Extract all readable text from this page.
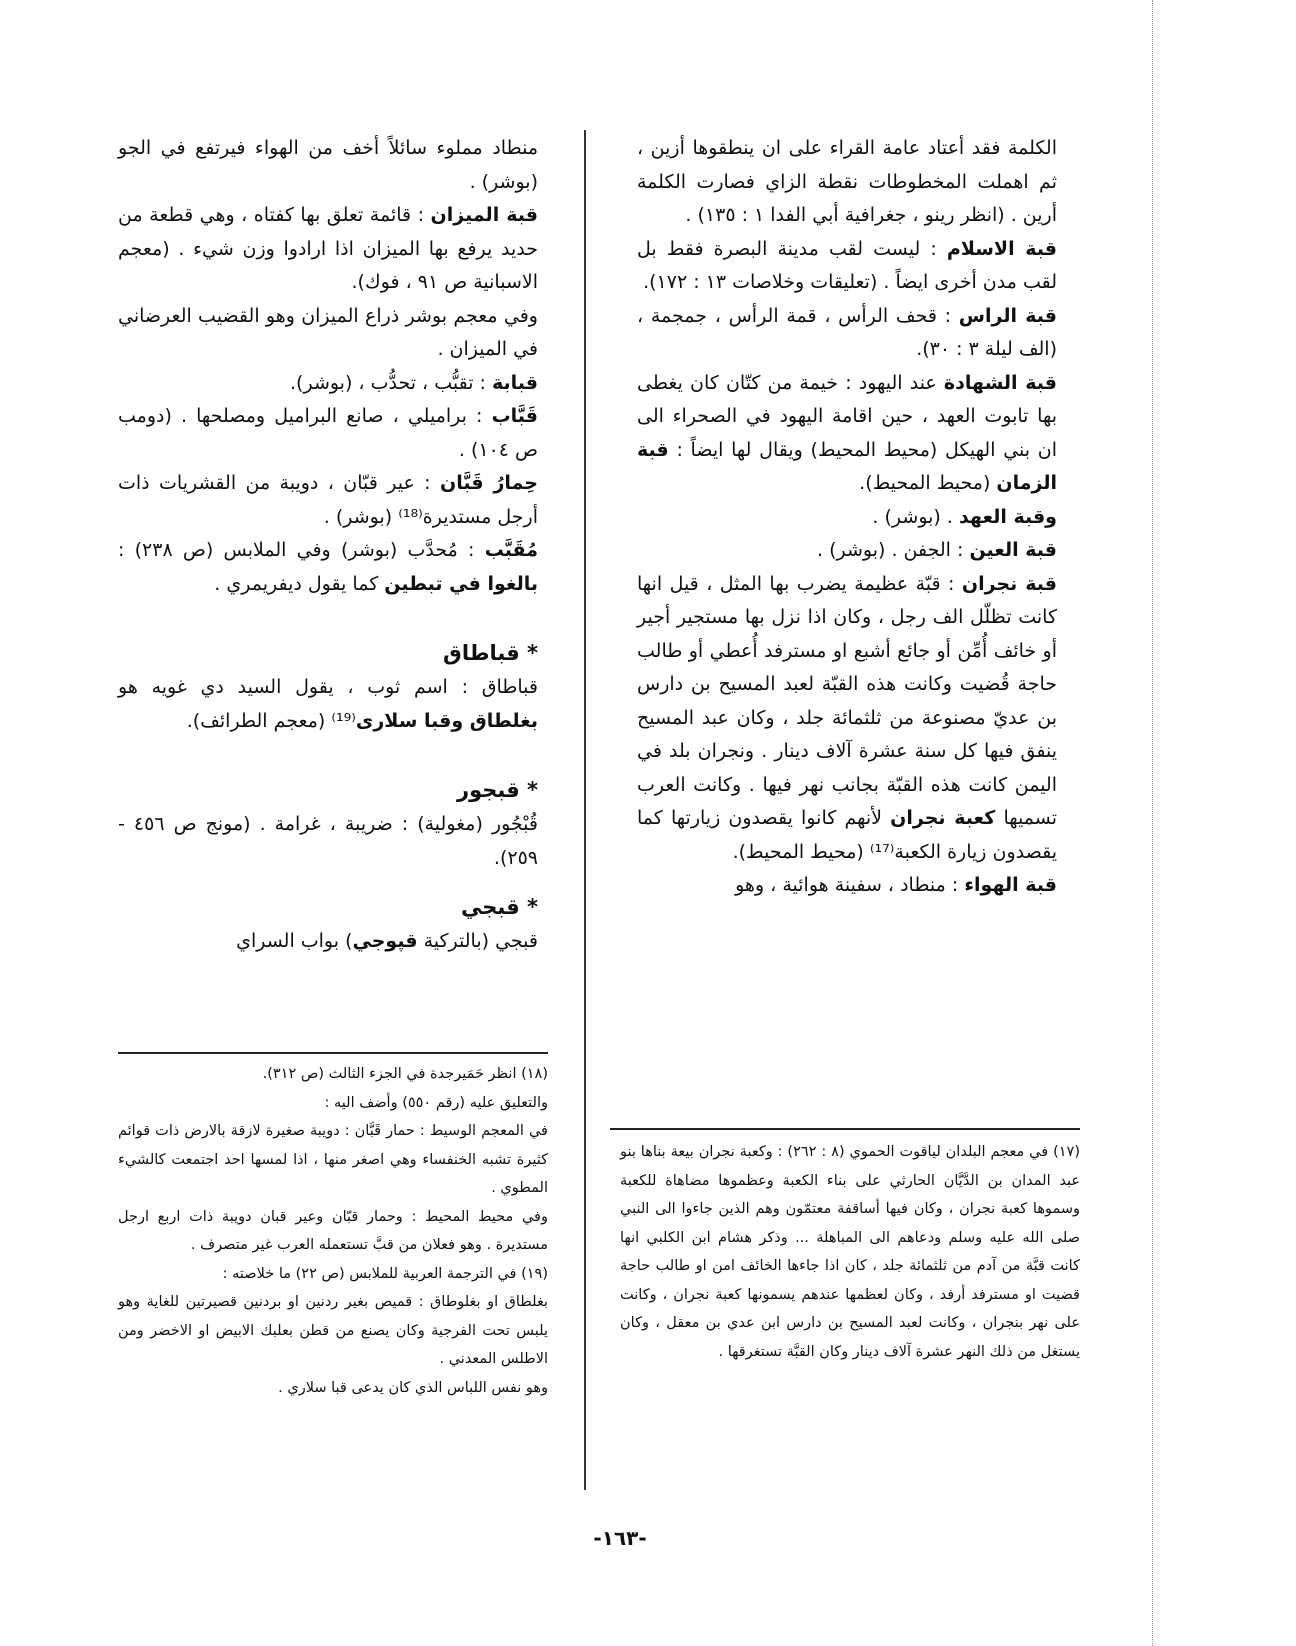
الكلمة فقد أعتاد عامة القراء على ان ينطقوها أزين ، ثم اهملت المخطوطات نقطة الزاي فصارت الكلمة أرين . (انظر رينو ، جغرافية أبي الفدا ١ : ١٣٥) .

قبة الاسلام : ليست لقب مدينة البصرة فقط بل لقب مدن أخرى ايضاً . (تعليقات وخلاصات ١٣ : ١٧٢).

قبة الراس : قحف الرأس ، قمة الرأس ، جمجمة ، (الف ليلة ٣ : ٣٠).

قبة الشهادة عند اليهود : خيمة من كتّان كان يغطى بها تابوت العهد ، حين اقامة اليهود في الصحراء الى ان بني الهيكل (محيط المحيط) ويقال لها ايضاً : قبة الزمان (محيط المحيط).

وقبة العهد . (بوشر) .

قبة العين : الجفن . (بوشر) .

قبة نجران : قبّة عظيمة يضرب بها المثل ، قيل انها كانت تظلّل الف رجل ، وكان اذا نزل بها مستجير أجير أو خائف أُمِّن أو جائع أشبع او مسترفد أُعطي أو طالب حاجة قُضيت وكانت هذه القبّة لعبد المسيح بن دارس بن عديّ مصنوعة من ثلثمائة جلد ، وكان عبد المسيح ينفق فيها كل سنة عشرة آلاف دينار . ونجران بلد في اليمن كانت هذه القبّة بجانب نهر فيها . وكانت العرب تسميها كعبة نجران لأنهم كانوا يقصدون زيارتها كما يقصدون زيارة الكعبة⁽¹⁷⁾ (محيط المحيط).

قبة الهواء : منطاد ، سفينة هوائية ، وهو

منطاد مملوء سائلاً أخف من الهواء فيرتفع في الجو (بوشر) .

قبة الميزان : قائمة تعلق بها كفتاه ، وهي قطعة من حديد يرفع بها الميزان اذا ارادوا وزن شيء . (معجم الاسبانية ص ٩١ ، فوك).

وفي معجم بوشر ذراع الميزان وهو القضيب العرضاني في الميزان .

قبابة : تقبُّب ، تحدُّب ، (بوشر).

قَبَّاب : براميلي ، صانع البراميل ومصلحها . (دومب ص ١٠٤) .

حِمارُ قَبَّان : عير قبّان ، دويبة من القشريات ذات أرجل مستديرة⁽¹⁸⁾ (بوشر) .

مُقَبَّب : مُحدَّب (بوشر) وفي الملابس (ص ٢٣٨) : بالغوا في تبطين كما يقول ديفريمري .

* قباطاق

قباطاق : اسم ثوب ، يقول السيد دي غويه هو بغلطاق وقبا سلارى⁽¹⁹⁾ (معجم الطرائف).

* قبجور

قُبْجُور (مغولية) : ضريبة ، غرامة . (مونج ص ٤٥٦ - ٢٥٩).

* قبجي

قبجي (بالتركية قپوجي) بواب السراي

(١٨) انظر حَمَيرجدة في الجزء الثالث (ص ٣١٢).

والتعليق عليه (رقم ٥٥٠) وأضف اليه :

في المعجم الوسيط : حمار قَبَّان : دويبة صغيرة لازقة بالارض ذات قوائم كثيرة تشبه الخنفساء وهي اصغر منها ، اذا لمسها احد اجتمعت كالشيء المطوي .

وفي محيط المحيط : وحمار قبّان وعير قبان دويبة ذات اربع ارجل مستديرة . وهو فعلان من قبَّ تستعمله العرب غير متصرف .

(١٩) في الترجمة العربية للملابس (ص ٢٢) ما خلاصته :

بغلطاق او بغلوطاق : قميص بغير ردنين او بردنين قصيرتين للغاية وهو يلبس تحت الفرجية وكان يصنع من قطن بعلبك الابيض او الاخضر ومن الاطلس المعدني .

وهو نفس اللباس الذي كان يدعى قبا سلاري .

(١٧) في معجم البلدان لياقوت الحموي (٨ : ٢٦٢) : وكعبة نجران بيعة بناها بنو عبد المدان بن الدَّيَّان الحارثي على بناء الكعبة وعظموها مضاهاة للكعبة وسموها كعبة نجران ، وكان فيها أساقفة معتمّون وهم الذين جاءوا الى النبي صلى الله عليه وسلم ودعاهم الى المباهلة ... وذكر هشام ابن الكلبي انها كانت قبَّة من آدم من ثلثمائة جلد ، كان اذا جاءها الخائف امن او طالب حاجة قضيت او مسترفد أرفد ، وكان لعظمها عندهم يسمونها كعبة نجران ، وكانت على نهر بنجران ، وكانت لعبد المسيح بن دارس ابن عدي بن معقل ، وكان يستغل من ذلك النهر عشرة آلاف دينار وكان القبَّة تستغرقها .

-١٦٣-
